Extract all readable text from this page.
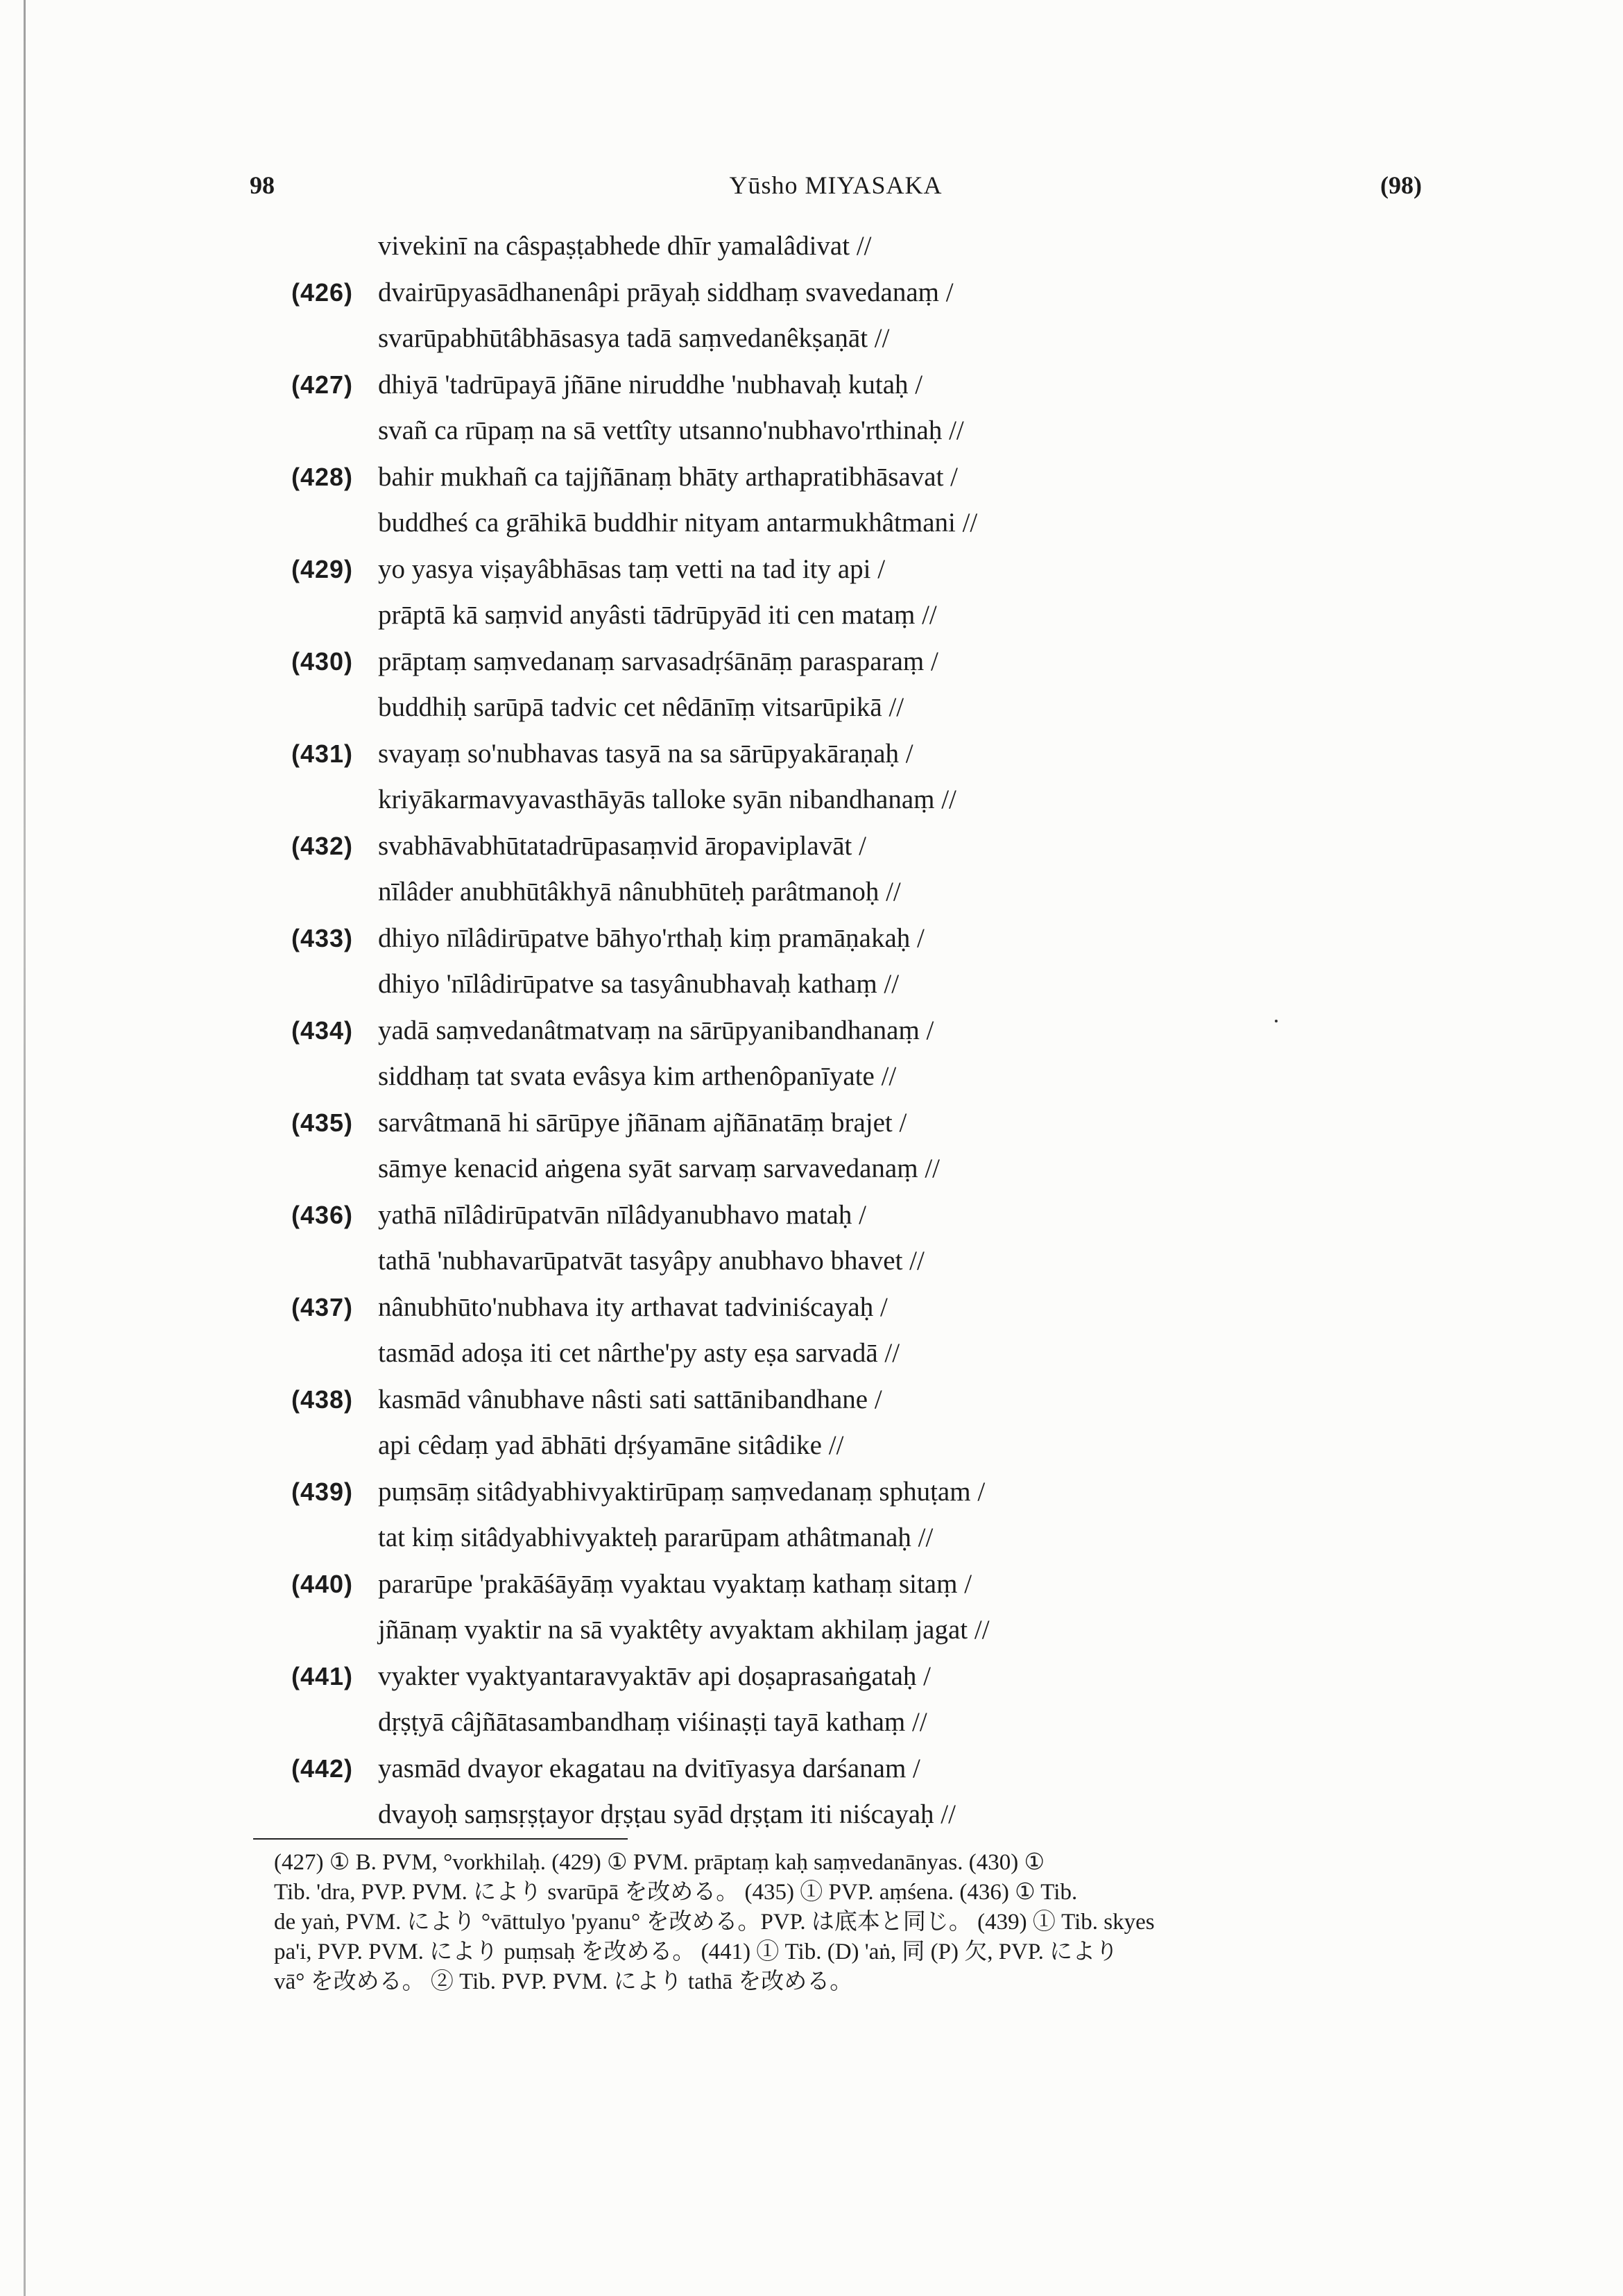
98	Yūsho MIYASAKA	(98)
vivekinī na câspaṣṭabhede dhīr yamalâdivat //
(426) dvairūpyasādhanenâpi prāyaḥ siddhaṃ svavedanaṃ /
svarūpabhūtâbhāsasya tadā saṃvedanêkṣaṇāt //
(427) dhiyā 'tadrūpayā jñāne niruddhe 'nubhavaḥ kutaḥ /
svañ ca rūpaṃ na sā vettîty utsanno'nubhavo'rthinaḥ //
(428) bahir mukhañ ca tajjñānaṃ bhāty arthapratibhāsavat /
buddheś ca grāhikā buddhir nityam antarmukhâtmani //
(429) yo yasya viṣayâbhāsas taṃ vetti na tad ity api /
prāptā kā saṃvid anyâsti tādrūpyād iti cen mataṃ //
(430) prāptaṃ saṃvedanaṃ sarvasadṛśānāṃ parasparaṃ /
buddhiḥ sarūpā tadvic cet nêdānīṃ vitsarūpikā //
(431) svayaṃ so'nubhavas tasyā na sa sārūpyakāraṇaḥ /
kriyākarmavyavasthāyās talloke syān nibandhanaṃ //
(432) svabhāvabhūtatadrūpasaṃvid āropaviplavāt /
nīlâder anubhūtâkhyā nânubhūteḥ parâtmanoḥ //
(433) dhiyo nīlâdirūpatve bāhyo'rthaḥ kiṃ pramāṇakaḥ /
dhiyo 'nīlâdirūpatve sa tasyânubhavaḥ kathaṃ //
(434) yadā saṃvedanâtmatvaṃ na sārūpyanibandhanaṃ /
siddhaṃ tat svata evâsya kim arthenôpanīyate //
(435) sarvâtmanā hi sārūpye jñānam ajñānatāṃ brajet /
sāmye kenacid aṅgena syāt sarvaṃ sarvavedanaṃ //
(436) yathā nīlâdirūpatvān nīlâdyanubhavo mataḥ /
tathā 'nubhavarūpatvāt tasyâpy anubhavo bhavet //
(437) nânubhūto'nubhava ity arthavat tadviniścayaḥ /
tasmād adoṣa iti cet nârthe'py asty eṣa sarvadā //
(438) kasmād vânubhave nâsti sati sattānibandhane /
api cêdaṃ yad ābhāti dṛśyamāne sitâdike //
(439) puṃsāṃ sitâdyabhivyaktirūpaṃ saṃvedanaṃ sphuṭam /
tat kiṃ sitâdyabhivyakteḥ pararūpam athâtmanaḥ //
(440) pararūpe 'prakāśāyāṃ vyaktau vyaktaṃ kathaṃ sitaṃ /
jñānaṃ vyaktir na sā vyaktêty avyaktam akhilaṃ jagat //
(441) vyakter vyaktyantaravyaktāv api doṣaprasaṅgataḥ /
dṛṣṭyā câjñātasambandhaṃ viśinaṣṭi tayā kathaṃ //
(442) yasmād dvayor ekagatau na dvitīyasya darśanam /
dvayoḥ saṃsṛṣṭayor dṛṣṭau syād dṛṣṭam iti niścayaḥ //
(427) ① B. PVM, °vorkhilaḥ. (429) ① PVM. prāptaṃ kaḥ saṃvedanānyas. (430) ①
Tib. 'dra, PVP. PVM. により svarūpā を改める。 (435) ① PVP. aṃśena. (436) ① Tib.
de yaṅ, PVM. により °vāttulyo 'pyanu° を改める。PVP. は底本と同じ。 (439) ① Tib. skyes
pa'i, PVP. PVM. により puṃsaḥ を改める。 (441) ① Tib. (D) 'aṅ, 同 (P) 欠, PVP. により
vā° を改める。 ② Tib. PVP. PVM. により tathā を改める。
